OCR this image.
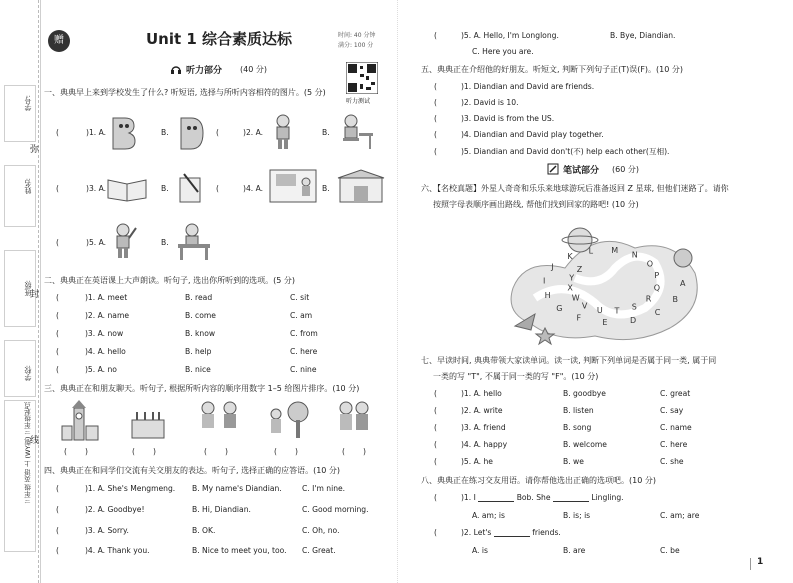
学号:
姓名:
班级:
学校:
三年级 英语 上 (WY版) 三年级起点
弥
封
线
赠	Unit 1 综合素质达标	时间: 40 分钟
满分: 100 分
听力测试
听力部分 (40 分)
一、典典早上来到学校发生了什么? 听短语, 选择与所听内容相符的图片。(5 分)
(	)1. A.	B.	(	)2. A.	B.
(	)3. A.	B.	(	)4. A.	B.
(	)5. A.	B.
二、典典正在英语课上大声朗读。听句子, 选出你所听到的选项。(5 分)
(	)1. A. meet	B. read	C. sit
(	)2. A. name	B. come	C. am
(	)3. A. now	B. know	C. from
(	)4. A. hello	B. help	C. here
(	)5. A. no	B. nice	C. nine
三、典典正在和朋友聊天。听句子, 根据所听内容的顺序用数字 1–5 给图片排序。(10 分)
( )	( )	( )	( )	( )
四、典典正在和同学们交流有关交朋友的表达。听句子, 选择正确的应答语。(10 分)
(	)1. A. She's Mengmeng. B. My name's Diandian.	C. I'm nine.
(	)2. A. Goodbye!	B. Hi, Diandian.	C. Good morning.
(	)3. A. Sorry.	B. OK.	C. Oh, no.
(	)4. A. Thank you.	B. Nice to meet you, too. C. Great.
(	)5. A. Hello, I'm Longlong.	B. Bye, Diandian.
C. Here you are.
五、典典正在介绍他的好朋友。听短文, 判断下列句子正(T)误(F)。(10 分)
(	)1. Diandian and David are friends.
(	)2. David is 10.
(	)3. David is from the US.
(	)4. Diandian and David play together.
(	)5. Diandian and David don't(不) help each other(互相).
笔试部分 (60 分)
六、【名校真题】外星人奇奇和乐乐来地球游玩后准备返回 Z 星球, 但他们迷路了。请你
按照字母表顺序画出路线, 帮他们找到回家的路吧! (10 分)
A
B
C
D
E
F
G
H
I
J
K
L M
N
O
P
Q
R
S
T
U
V
W
X
Y
Z
七、早读时间, 典典带领大家读单词。读一读, 判断下列单词是否属于同一类, 属于同
一类的写 "T", 不属于同一类的写 "F"。(10 分)
(	)1. A. hello	B. goodbye	C. great
(	)2. A. write	B. listen	C. say
(	)3. A. friend	B. song	C. name
(	)4. A. happy	B. welcome	C. here
(	)5. A. he	B. we	C. she
八、典典正在练习交友用语。请你帮他选出正确的选项吧。(10 分)
(	)1. I	Bob. She	Lingling.
A. am; is	B. is; is	C. am; are
(	)2. Let's	friends.
A. is	B. are	C. be
1
